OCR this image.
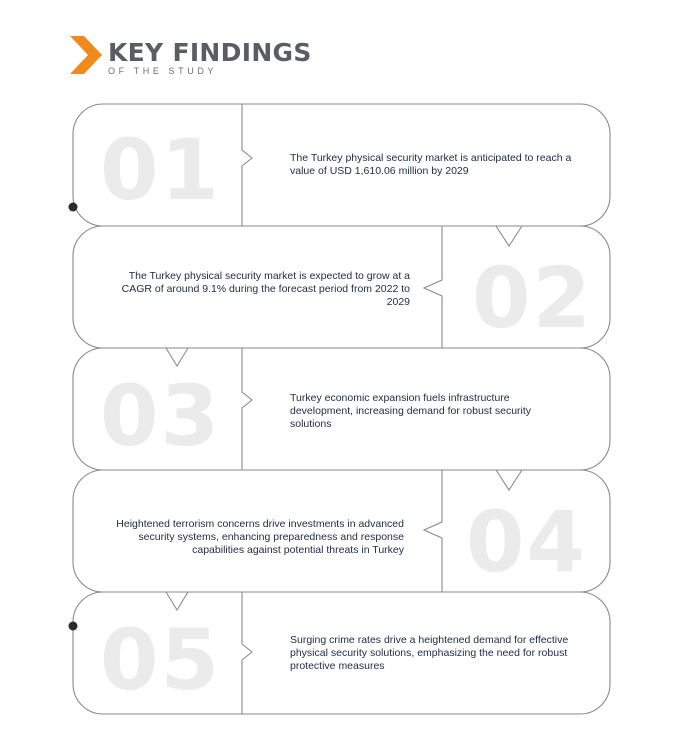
KEY FINDINGS
OF THE STUDY
01	The Turkey physical security market is anticipated to reach a value of USD 1,610.06 million by 2029
02
The Turkey physical security market is expected to grow at a CAGR of around 9.1% during the forecast period from 2022 to 2029
03	Turkey economic expansion fuels infrastructure development, increasing demand for robust security solutions
04
Heightened terrorism concerns drive investments in advanced security systems, enhancing preparedness and response capabilities against potential threats in Turkey
05	Surging crime rates drive a heightened demand for effective physical security solutions, emphasizing the need for robust protective measures
